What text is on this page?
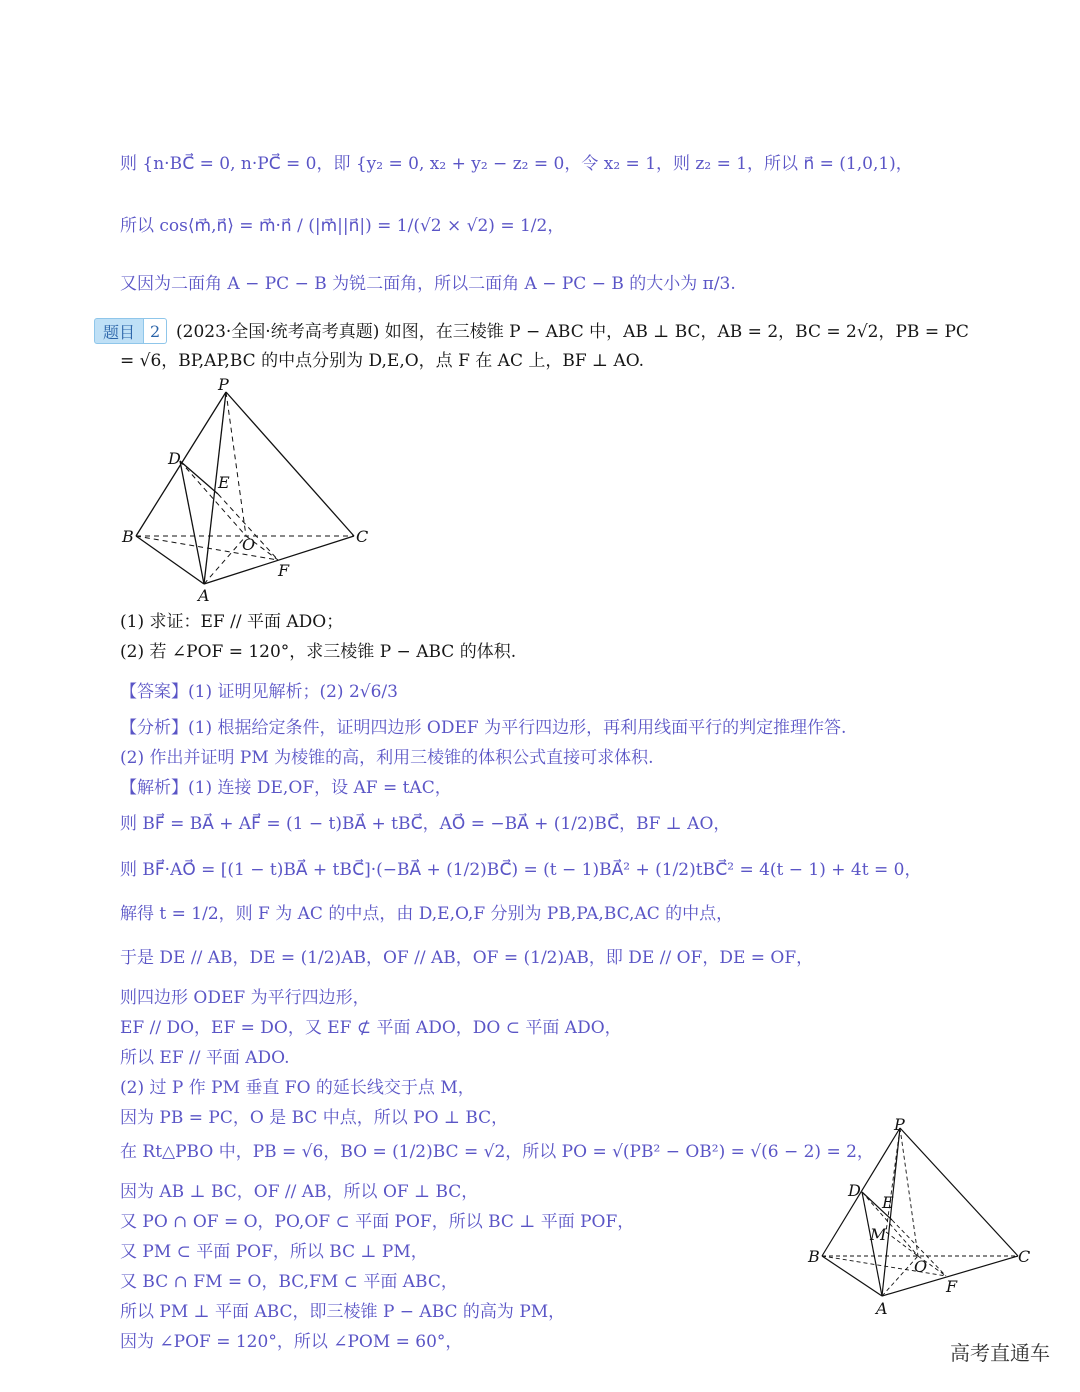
则 {n·BC⃗ = 0, n·PC⃗ = 0，即 {y₂ = 0, x₂ + y₂ − z₂ = 0，令 x₂ = 1，则 z₂ = 1，所以 n⃗ = (1,0,1)，
所以 cos⟨m⃗,n⃗⟩ = m⃗·n⃗ / (|m⃗||n⃗|) = 1/(√2 × √2) = 1/2，
又因为二面角 A − PC − B 为锐二面角，所以二面角 A − PC − B 的大小为 π/3.
题目 2 (2023·全国·统考高考真题) 如图，在三棱锥 P − ABC 中，AB ⊥ BC，AB = 2，BC = 2√2，PB = PC
= √6，BP,AP,BC 的中点分别为 D,E,O，点 F 在 AC 上，BF ⊥ AO.
P
D
E
B	O	C
F
A
(1) 求证：EF // 平面 ADO；
(2) 若 ∠POF = 120°，求三棱锥 P − ABC 的体积.
【答案】(1) 证明见解析；(2) 2√6/3
【分析】(1) 根据给定条件，证明四边形 ODEF 为平行四边形，再利用线面平行的判定推理作答.
(2) 作出并证明 PM 为棱锥的高，利用三棱锥的体积公式直接可求体积.
【解析】(1) 连接 DE,OF，设 AF = tAC，
则 BF⃗ = BA⃗ + AF⃗ = (1 − t)BA⃗ + tBC⃗，AO⃗ = −BA⃗ + (1/2)BC⃗，BF ⊥ AO，
则 BF⃗·AO⃗ = [(1 − t)BA⃗ + tBC⃗]·(−BA⃗ + (1/2)BC⃗) = (t − 1)BA⃗² + (1/2)tBC⃗² = 4(t − 1) + 4t = 0，
解得 t = 1/2，则 F 为 AC 的中点，由 D,E,O,F 分别为 PB,PA,BC,AC 的中点，
于是 DE // AB，DE = (1/2)AB，OF // AB，OF = (1/2)AB，即 DE // OF，DE = OF，
则四边形 ODEF 为平行四边形，
EF // DO，EF = DO，又 EF ⊄ 平面 ADO，DO ⊂ 平面 ADO，
所以 EF // 平面 ADO.
(2) 过 P 作 PM 垂直 FO 的延长线交于点 M，
因为 PB = PC，O 是 BC 中点，所以 PO ⊥ BC，
在 Rt△PBO 中，PB = √6，BO = (1/2)BC = √2，所以 PO = √(PB² − OB²) = √(6 − 2) = 2，
因为 AB ⊥ BC，OF // AB，所以 OF ⊥ BC，
又 PO ∩ OF = O，PO,OF ⊂ 平面 POF，所以 BC ⊥ 平面 POF，
又 PM ⊂ 平面 POF，所以 BC ⊥ PM，
又 BC ∩ FM = O，BC,FM ⊂ 平面 ABC，
所以 PM ⊥ 平面 ABC，即三棱锥 P − ABC 的高为 PM，
因为 ∠POF = 120°，所以 ∠POM = 60°，
P
D
E
M
B
O
C
F
A
高考直通车
